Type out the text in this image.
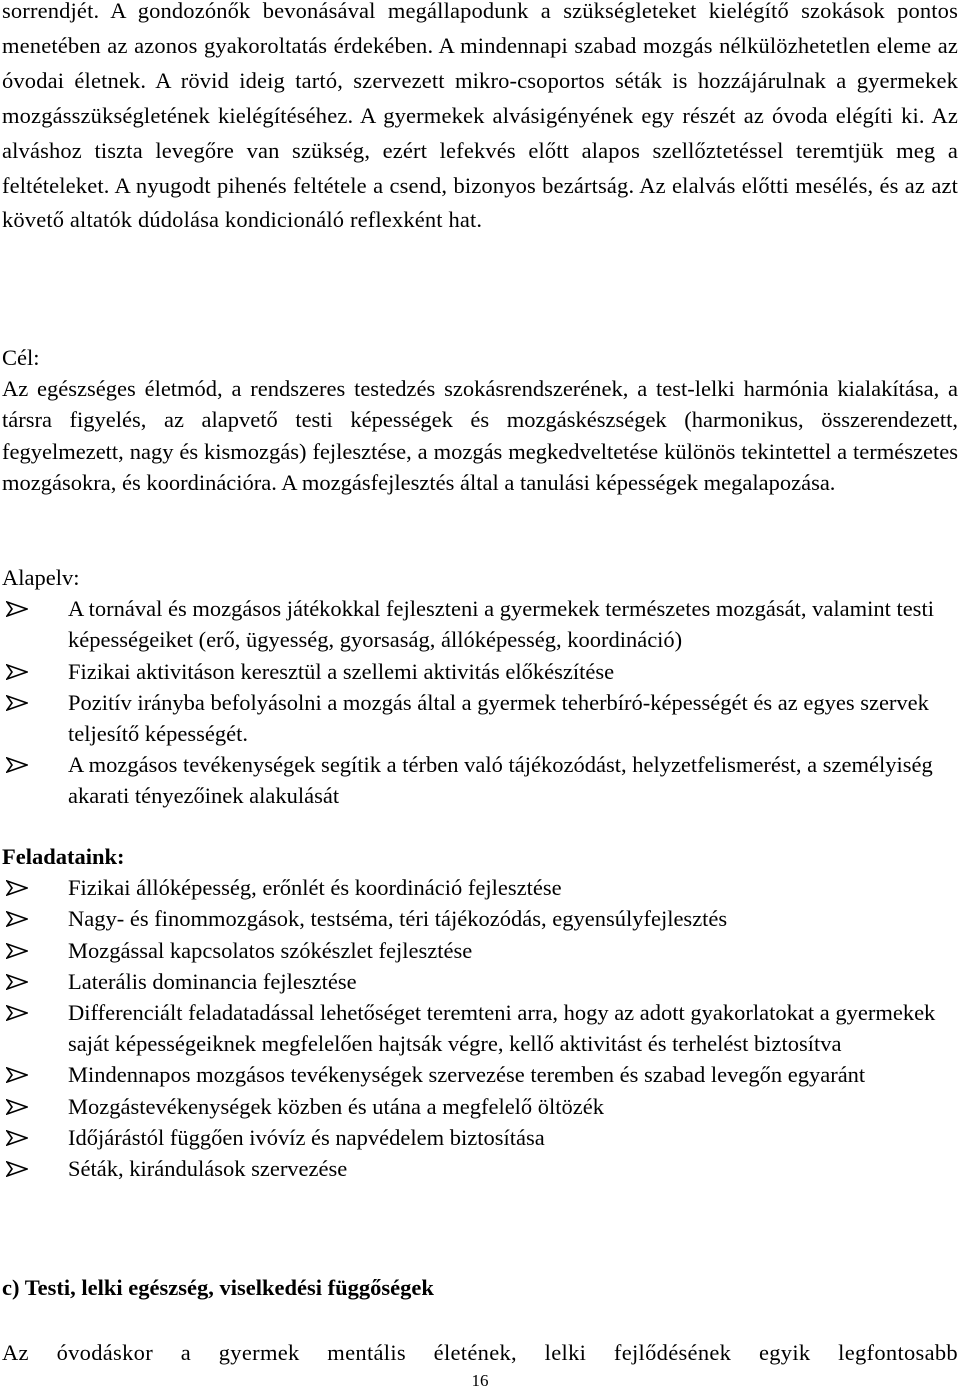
sorrendjét. A gondozónők bevonásával megállapodunk a szükségleteket kielégítő szokások pontos menetében az azonos gyakoroltatás érdekében. A mindennapi szabad mozgás nélkülözhetetlen eleme az óvodai életnek. A rövid ideig tartó, szervezett mikro-csoportos séták is hozzájárulnak a gyermekek mozgásszükségletének kielégítéséhez. A gyermekek alvásigényének egy részét az óvoda elégíti ki. Az alváshoz tiszta levegőre van szükség, ezért lefekvés előtt alapos szellőztetéssel teremtjük meg a feltételeket. A nyugodt pihenés feltétele a csend, bizonyos bezártság. Az elalvás előtti mesélés, és az azt követő altatók dúdolása kondicionáló reflexként hat.

Cél:

Az egészséges életmód, a rendszeres testedzés szokásrendszerének, a test-lelki harmónia kialakítása, a társra figyelés, az alapvető testi képességek és mozgáskészségek (harmonikus, összerendezett, fegyelmezett, nagy és kismozgás) fejlesztése, a mozgás megkedveltetése különös tekintettel a természetes mozgásokra, és koordinációra. A mozgásfejlesztés által a tanulási képességek megalapozása.

Alapelv:
A tornával és mozgásos játékokkal fejleszteni a gyermekek természetes mozgását, valamint testi képességeiket (erő, ügyesség, gyorsaság, állóképesség, koordináció)
Fizikai aktivitáson keresztül a szellemi aktivitás előkészítése
Pozitív irányba befolyásolni a mozgás által a gyermek teherbíró-képességét és az egyes szervek teljesítő képességét.
A mozgásos tevékenységek segítik a térben való tájékozódást, helyzetfelismerést, a személyiség akarati tényezőinek alakulását
Feladataink:
Fizikai állóképesség, erőnlét és koordináció fejlesztése
Nagy- és finommozgások, testséma, téri tájékozódás, egyensúlyfejlesztés
Mozgással kapcsolatos szókészlet fejlesztése
Laterális dominancia fejlesztése
Differenciált feladatadással lehetőséget teremteni arra, hogy az adott gyakorlatokat a gyermekek saját képességeiknek megfelelően hajtsák végre, kellő aktivitást és terhelést biztosítva
Mindennapos mozgásos tevékenységek szervezése teremben és szabad levegőn egyaránt
Mozgástevékenységek közben és utána a megfelelő öltözék
Időjárástól függően ivóvíz és napvédelem biztosítása
Séták, kirándulások szervezése
c) Testi, lelki egészség, viselkedési függőségek

Az óvodáskor a gyermek mentális életének, lelki fejlődésének egyik legfontosabb

16
